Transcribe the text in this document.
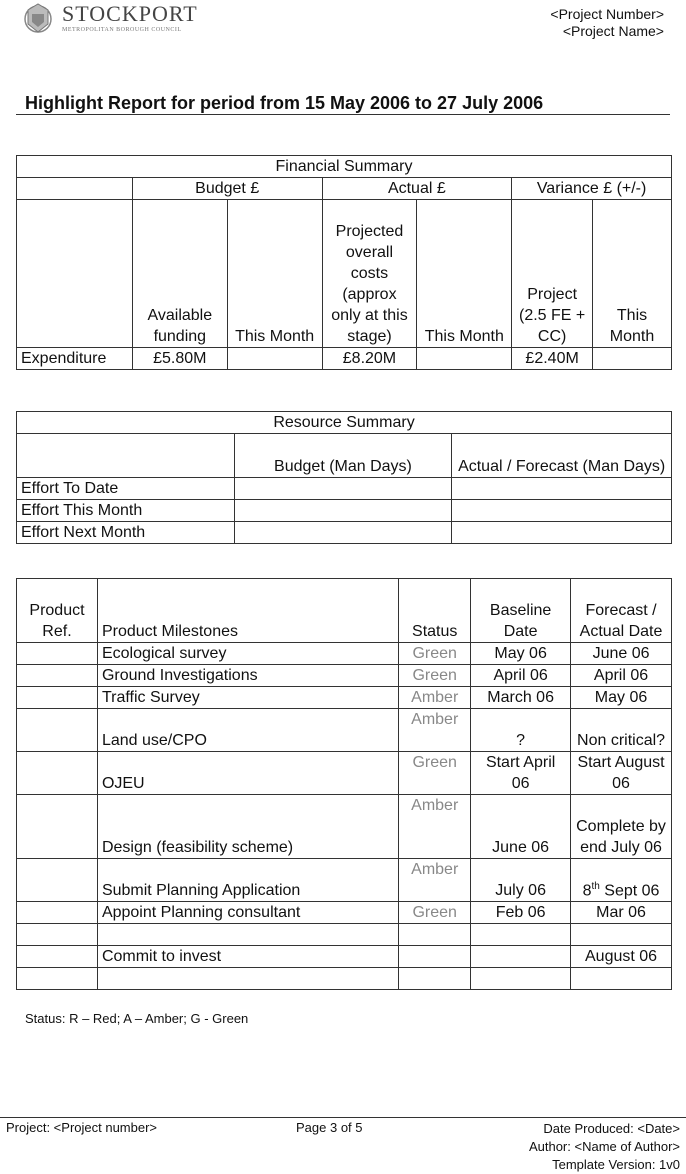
STOCKPORT
METROPOLITAN BOROUGH COUNCIL
<Project Number>
<Project Name>
Highlight Report for period from 15 May 2006 to 27 July 2006
Financial Summary						
	Budget £		Actual £		Variance £ (+/-)	
	Available funding	This Month	Projected overall costs (approx only at this stage)	This Month	Project (2.5 FE + CC)	This Month
Expenditure	£5.80M		£8.20M		£2.40M	
Resource Summary		
	Budget (Man Days)	Actual / Forecast (Man Days)
Effort To Date		
Effort This Month		
Effort Next Month		
Product Ref.	Product Milestones	Status	Baseline Date	Forecast / Actual Date
	Ecological survey	Green	May 06	June 06
	Ground Investigations	Green	April 06	April 06
	Traffic Survey	Amber	March 06	May 06
	Land use/CPO	Amber	?	Non critical?
	OJEU	Green	Start April 06	Start August 06
	Design (feasibility scheme)	Amber	June 06	Complete by end July 06
	Submit Planning Application	Amber	July 06	8th Sept 06
	Appoint Planning consultant	Green	Feb 06	Mar 06

	Commit to invest			August 06

Status: R – Red; A – Amber; G - Green
Project: <Project number>	Page 3 of 5	Date Produced: <Date>
Author: <Name of Author>
Template Version: 1v0
